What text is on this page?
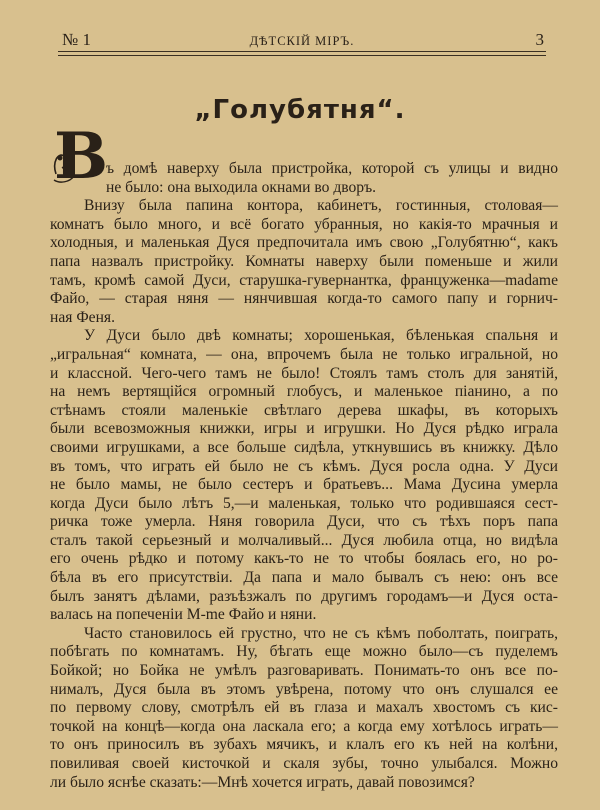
№ 1	ДѢТСКІЙ МІРЪ.	3
„Голубятня“.
В
ъ домѣ наверху была пристройка, которой съ улицы и видно
не было: она выходила окнами во дворъ.
Внизу была папина контора, кабинетъ, гостинныя, столовая—
комнатъ было много, и всё богато убранныя, но какія-то мрачныя и
холодныя, и маленькая Дуся предпочитала имъ свою „Голубятню“, какъ
папа назвалъ пристройку. Комнаты наверху были поменьше и жили
тамъ, кромѣ самой Дуси, старушка-гувернантка, француженка—madame
Файо, — старая няня — нянчившая когда-то самого папу и горнич-
ная Феня.
У Дуси было двѣ комнаты; хорошенькая, бѣленькая спальня и
„игральная“ комната, — она, впрочемъ была не только игральной, но
и классной. Чего-чего тамъ не было! Стоялъ тамъ столъ для занятій,
на немъ вертящійся огромный глобусъ, и маленькое піанино, а по
стѣнамъ стояли маленькіе свѣтлаго дерева шкафы, въ которыхъ
были всевозможныя книжки, игры и игрушки. Но Дуся рѣдко играла
своими игрушками, а все больше сидѣла, уткнувшись въ книжку. Дѣло
въ томъ, что играть ей было не съ кѣмъ. Дуся росла одна. У Дуси
не было мамы, не было сестеръ и братьевъ... Мама Дусина умерла
когда Дуси было лѣтъ 5,—и маленькая, только что родившаяся сест-
ричка тоже умерла. Няня говорила Дуси, что съ тѣхъ поръ папа
сталъ такой серьезный и молчаливый... Дуся любила отца, но видѣла
его очень рѣдко и потому какъ-то не то чтобы боялась его, но ро-
бѣла въ его присутствіи. Да папа и мало бывалъ съ нею: онъ все
былъ занятъ дѣлами, разъѣзжалъ по другимъ городамъ—и Дуся оста-
валась на попеченіи M-me Файо и няни.
Часто становилось ей грустно, что не съ кѣмъ поболтать, поиграть,
побѣгать по комнатамъ. Ну, бѣгать еще можно было—съ пуделемъ
Бойкой; но Бойка не умѣлъ разговаривать. Понимать-то онъ все по-
нималъ, Дуся была въ этомъ увѣрена, потому что онъ слушался ее
по первому слову, смотрѣлъ ей въ глаза и махалъ хвостомъ съ кис-
точкой на концѣ—когда она ласкала его; а когда ему хотѣлось играть—
то онъ приносилъ въ зубахъ мячикъ, и клалъ его къ ней на колѣни,
повиливая своей кисточкой и скаля зубы, точно улыбался. Можно
ли было яснѣе сказать:—Мнѣ хочется играть, давай повозимся?
